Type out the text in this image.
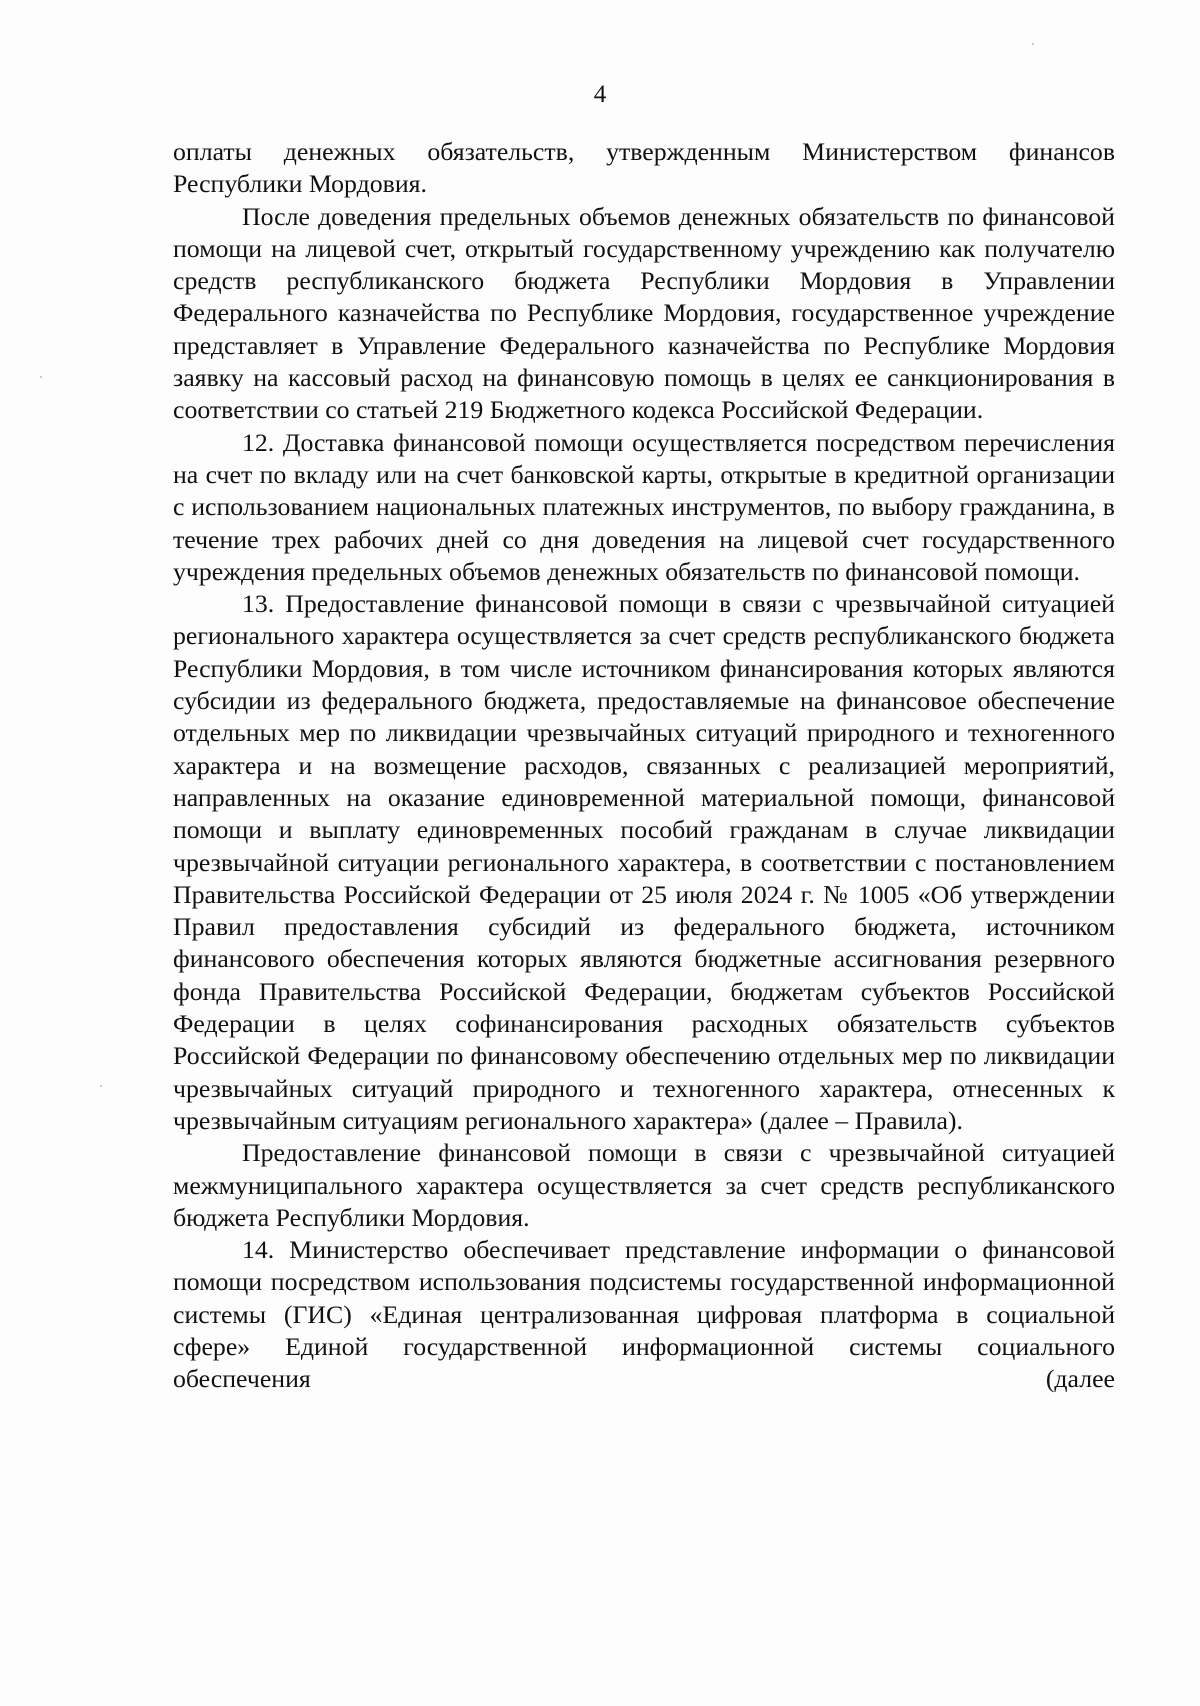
4

оплаты денежных обязательств, утвержденным Министерством финансов Республики Мордовия.

После доведения предельных объемов денежных обязательств по финансовой помощи на лицевой счет, открытый государственному учреждению как получателю средств республиканского бюджета Республики Мордовия в Управлении Федерального казначейства по Республике Мордовия, государственное учреждение представляет в Управление Федерального казначейства по Республике Мордовия заявку на кассовый расход на финансовую помощь в целях ее санкционирования в соответствии со статьей 219 Бюджетного кодекса Российской Федерации.

12. Доставка финансовой помощи осуществляется посредством перечисления на счет по вкладу или на счет банковской карты, открытые в кредитной организации с использованием национальных платежных инструментов, по выбору гражданина, в течение трех рабочих дней со дня доведения на лицевой счет государственного учреждения предельных объемов денежных обязательств по финансовой помощи.

13. Предоставление финансовой помощи в связи с чрезвычайной ситуацией регионального характера осуществляется за счет средств республиканского бюджета Республики Мордовия, в том числе источником финансирования которых являются субсидии из федерального бюджета, предоставляемые на финансовое обеспечение отдельных мер по ликвидации чрезвычайных ситуаций природного и техногенного характера и на возмещение расходов, связанных с реализацией мероприятий, направленных на оказание единовременной материальной помощи, финансовой помощи и выплату единовременных пособий гражданам в случае ликвидации чрезвычайной ситуации регионального характера, в соответствии с постановлением Правительства Российской Федерации от 25 июля 2024 г. № 1005 «Об утверждении Правил предоставления субсидий из федерального бюджета, источником финансового обеспечения которых являются бюджетные ассигнования резервного фонда Правительства Российской Федерации, бюджетам субъектов Российской Федерации в целях софинансирования расходных обязательств субъектов Российской Федерации по финансовому обеспечению отдельных мер по ликвидации чрезвычайных ситуаций природного и техногенного характера, отнесенных к чрезвычайным ситуациям регионального характера» (далее – Правила).

Предоставление финансовой помощи в связи с чрезвычайной ситуацией межмуниципального характера осуществляется за счет средств республиканского бюджета Республики Мордовия.

14. Министерство обеспечивает представление информации о финансовой помощи посредством использования подсистемы государственной информационной системы (ГИС) «Единая централизованная цифровая платформа в социальной сфере» Единой государственной информационной системы социального обеспечения (далее
